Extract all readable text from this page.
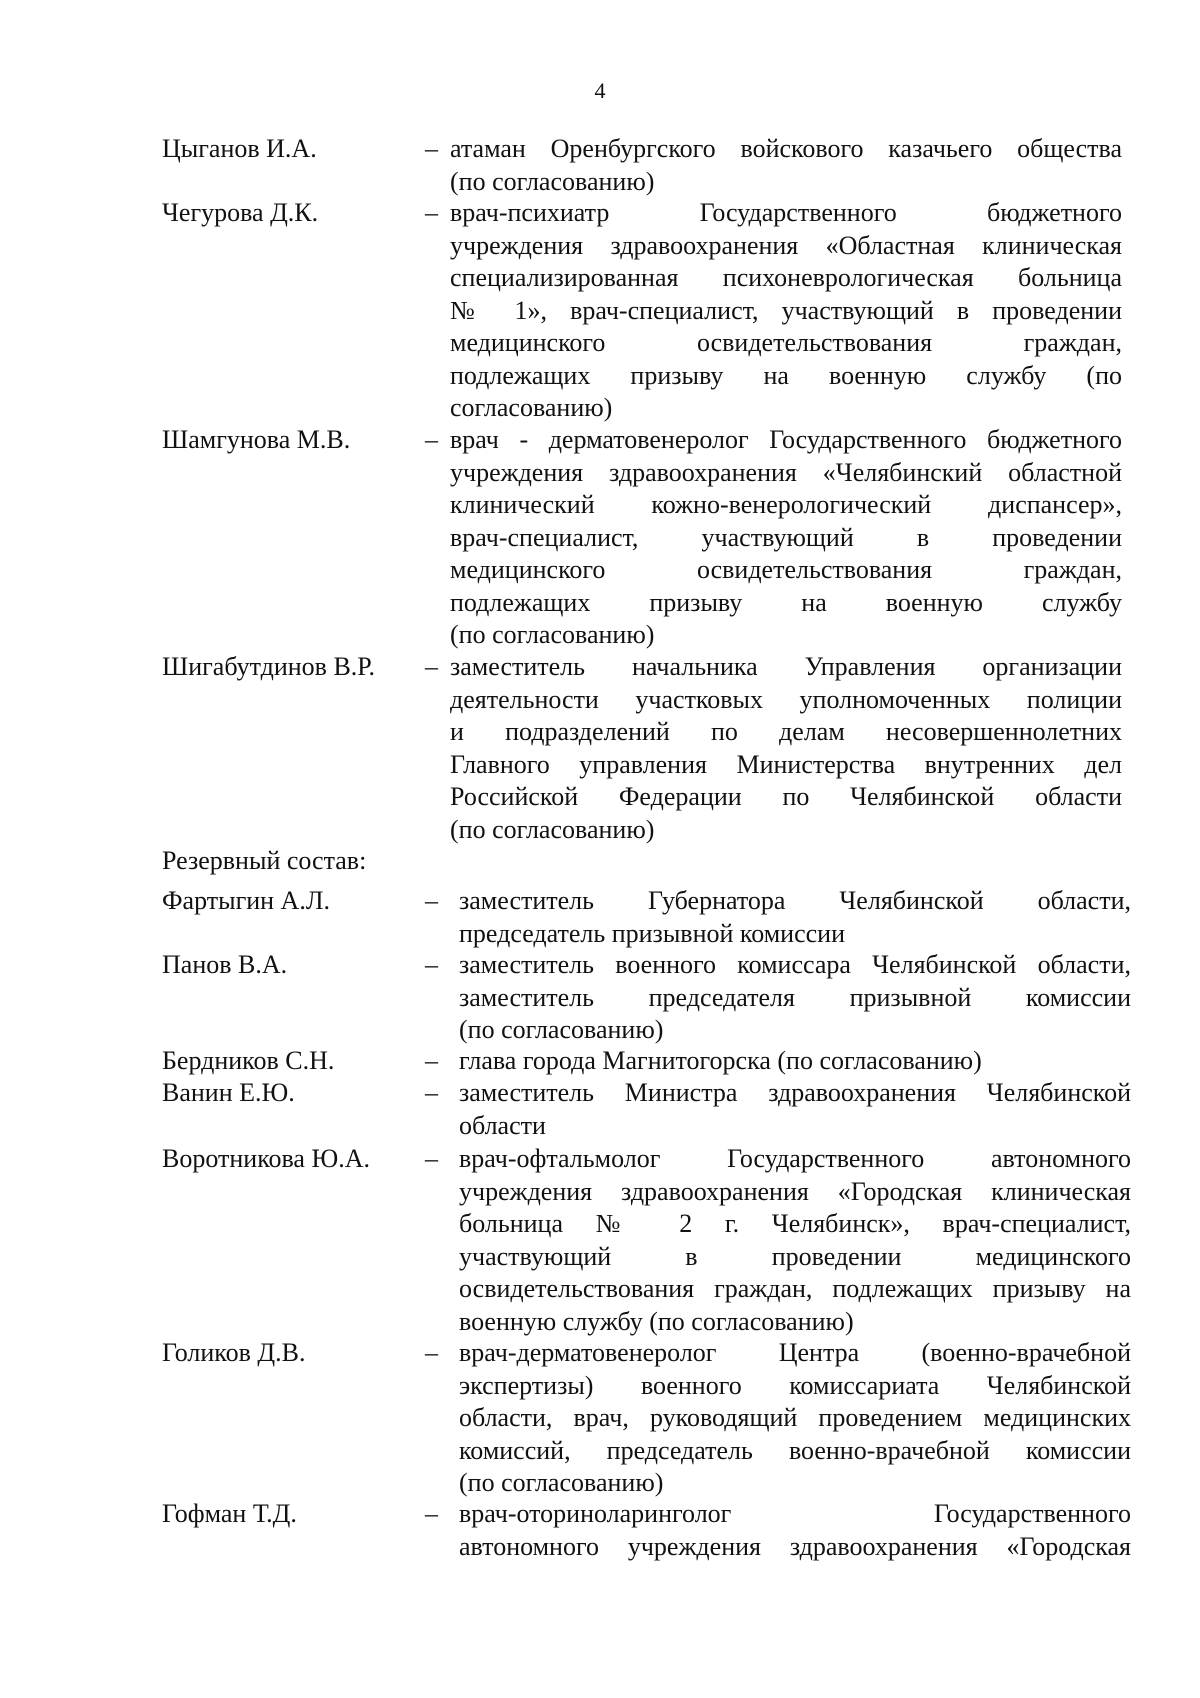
4
Цыганов И.А.	– атаман Оренбургского войскового казачьего общества
(по согласованию)
Чегурова Д.К.	– врач-психиатр Государственного бюджетного
учреждения здравоохранения «Областная клиническая
специализированная психоневрологическая больница
№ 1», врач-специалист, участвующий в проведении
медицинского освидетельствования граждан,
подлежащих призыву на военную службу (по
согласованию)
Шамгунова М.В.	– врач - дерматовенеролог Государственного бюджетного
учреждения здравоохранения «Челябинский областной
клинический кожно-венерологический диспансер»,
врач-специалист, участвующий в проведении
медицинского освидетельствования граждан,
подлежащих призыву на военную службу
(по согласованию)
Шигабутдинов В.Р. – заместитель начальника Управления организации
деятельности участковых уполномоченных полиции
и подразделений по делам несовершеннолетних
Главного управления Министерства внутренних дел
Российской Федерации по Челябинской области
(по согласованию)
Резервный состав:
Фартыгин А.Л.	– заместитель Губернатора Челябинской области,
председатель призывной комиссии
Панов В.А.	– заместитель военного комиссара Челябинской области,
заместитель председателя призывной комиссии
(по согласованию)
Бердников С.Н.	– глава города Магнитогорска (по согласованию)
Ванин Е.Ю.	– заместитель Министра здравоохранения Челябинской
области
Воротникова Ю.А. – врач-офтальмолог Государственного автономного
учреждения здравоохранения «Городская клиническая
больница № 2 г. Челябинск», врач-специалист,
участвующий в проведении медицинского
освидетельствования граждан, подлежащих призыву на
военную службу (по согласованию)
Голиков Д.В.	– врач-дерматовенеролог Центра (военно-врачебной
экспертизы) военного комиссариата Челябинской
области, врач, руководящий проведением медицинских
комиссий, председатель военно-врачебной комиссии
(по согласованию)
Гофман Т.Д.	– врач-оториноларинголог Государственного
автономного учреждения здравоохранения «Городская
